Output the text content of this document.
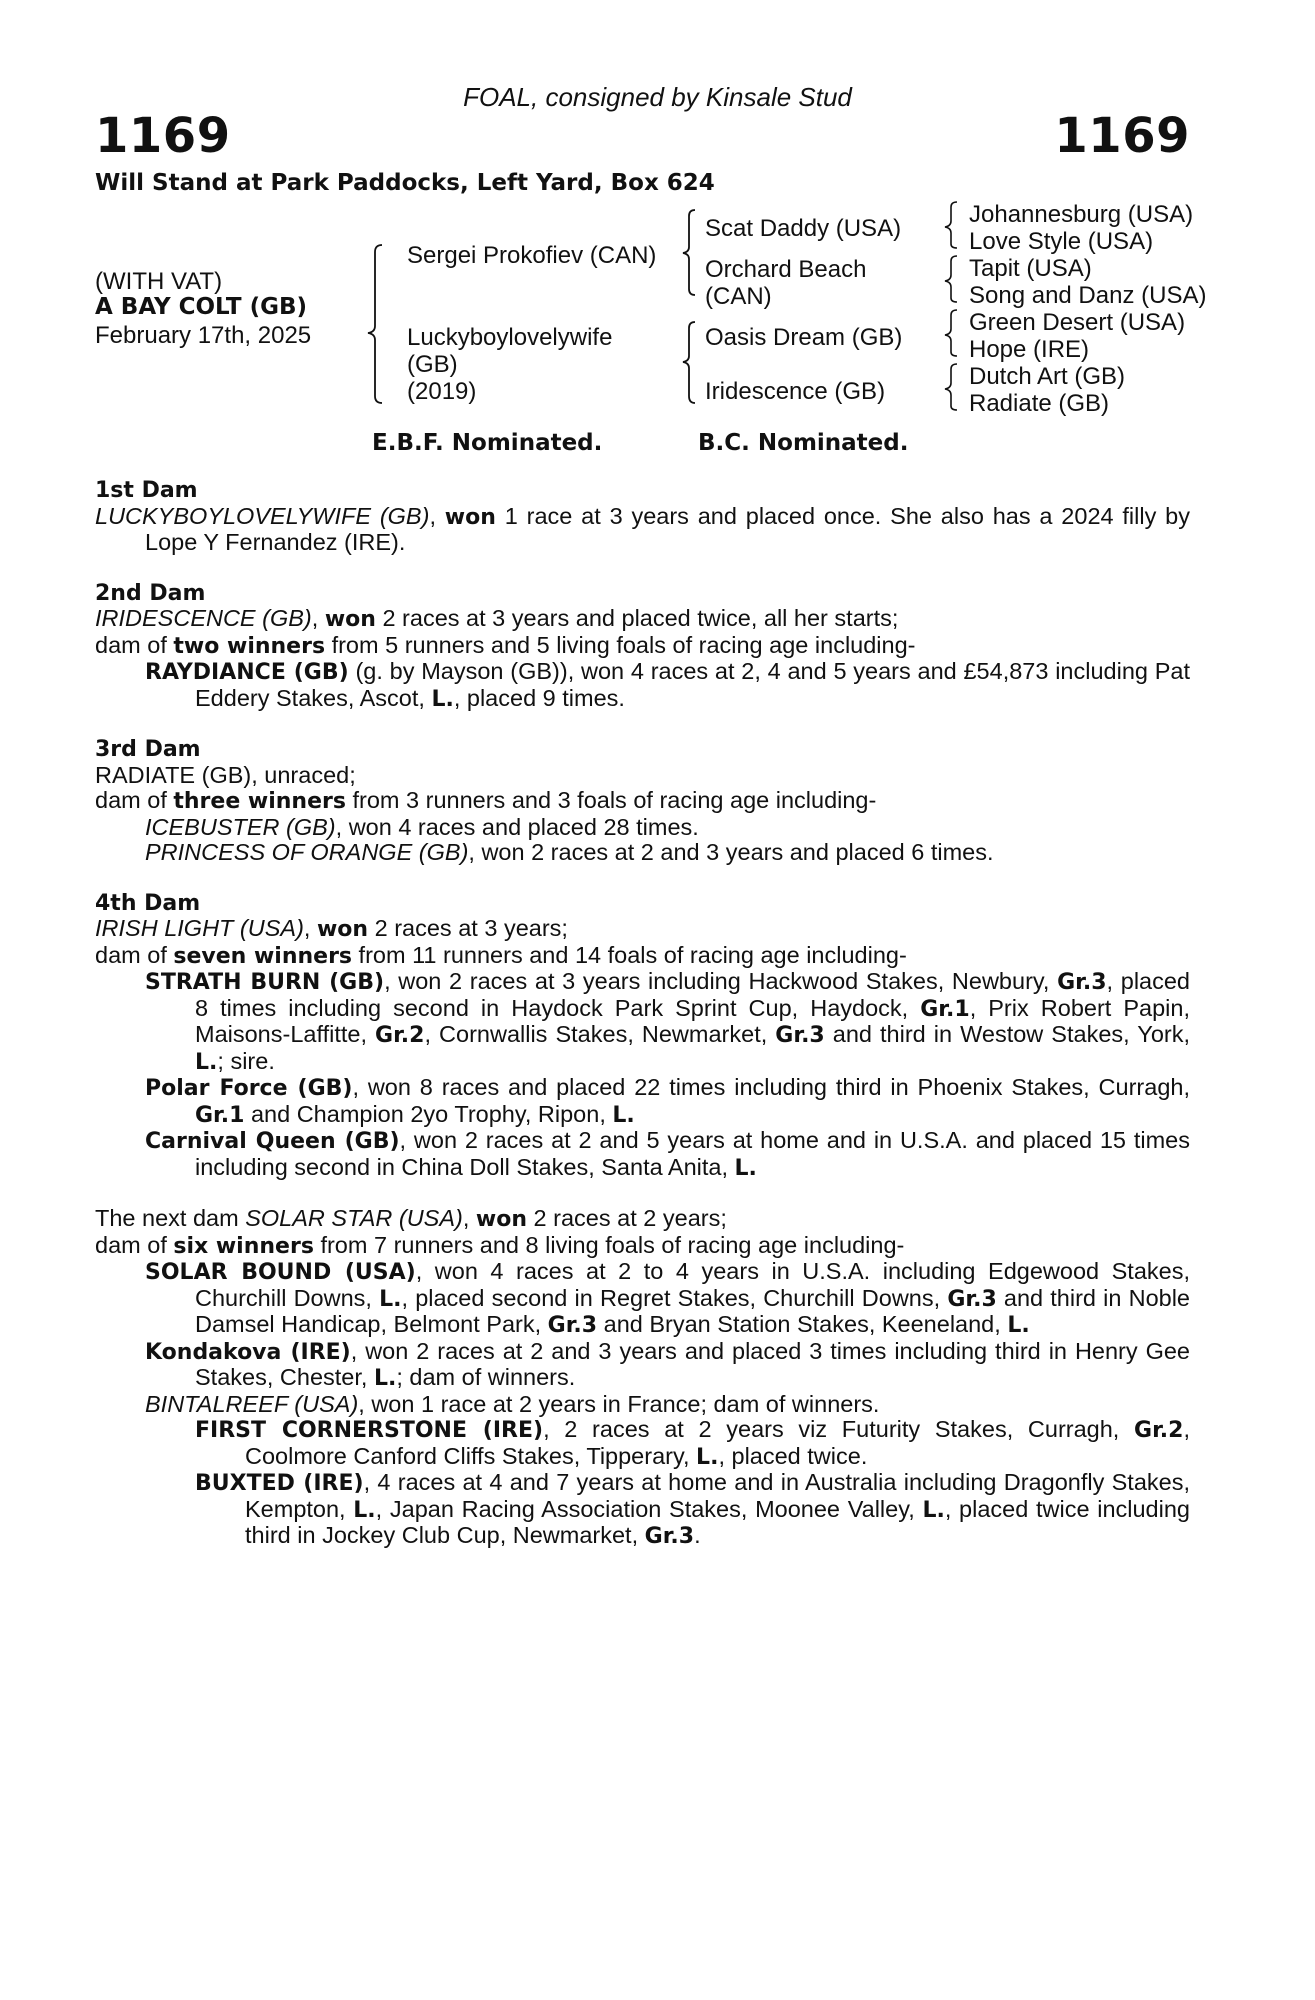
FOAL, consigned by Kinsale Stud
1169	1169
Will Stand at Park Paddocks, Left Yard, Box 624
(WITH VAT)
A BAY COLT (GB)
February 17th, 2025
Sergei Prokofiev (CAN)
Luckyboylovelywife
(GB)
(2019)
Scat Daddy (USA)
Orchard Beach
(CAN)
Oasis Dream (GB)
Iridescence (GB)
Johannesburg (USA)
Love Style (USA)
Tapit (USA)
Song and Danz (USA)
Green Desert (USA)
Hope (IRE)
Dutch Art (GB)
Radiate (GB)
E.B.F. Nominated.	B.C. Nominated.

1st Dam

LUCKYBOYLOVELYWIFE (GB), won 1 race at 3 years and placed once. She also has a 2024 filly by Lope Y Fernandez (IRE).

2nd Dam

IRIDESCENCE (GB), won 2 races at 3 years and placed twice, all her starts;

dam of two winners from 5 runners and 5 living foals of racing age including-

RAYDIANCE (GB) (g. by Mayson (GB)), won 4 races at 2, 4 and 5 years and £54,873 including Pat Eddery Stakes, Ascot, L., placed 9 times.

3rd Dam

RADIATE (GB), unraced;

dam of three winners from 3 runners and 3 foals of racing age including-

ICEBUSTER (GB), won 4 races and placed 28 times.

PRINCESS OF ORANGE (GB), won 2 races at 2 and 3 years and placed 6 times.

4th Dam

IRISH LIGHT (USA), won 2 races at 3 years;

dam of seven winners from 11 runners and 14 foals of racing age including-

STRATH BURN (GB), won 2 races at 3 years including Hackwood Stakes, Newbury, Gr.3, placed 8 times including second in Haydock Park Sprint Cup, Haydock, Gr.1, Prix Robert Papin, Maisons-Laffitte, Gr.2, Cornwallis Stakes, Newmarket, Gr.3 and third in Westow Stakes, York, L.; sire.

Polar Force (GB), won 8 races and placed 22 times including third in Phoenix Stakes, Curragh, Gr.1 and Champion 2yo Trophy, Ripon, L.

Carnival Queen (GB), won 2 races at 2 and 5 years at home and in U.S.A. and placed 15 times including second in China Doll Stakes, Santa Anita, L.

The next dam SOLAR STAR (USA), won 2 races at 2 years;

dam of six winners from 7 runners and 8 living foals of racing age including-

SOLAR BOUND (USA), won 4 races at 2 to 4 years in U.S.A. including Edgewood Stakes, Churchill Downs, L., placed second in Regret Stakes, Churchill Downs, Gr.3 and third in Noble Damsel Handicap, Belmont Park, Gr.3 and Bryan Station Stakes, Keeneland, L.

Kondakova (IRE), won 2 races at 2 and 3 years and placed 3 times including third in Henry Gee Stakes, Chester, L.; dam of winners.

BINTALREEF (USA), won 1 race at 2 years in France; dam of winners.

FIRST CORNERSTONE (IRE), 2 races at 2 years viz Futurity Stakes, Curragh, Gr.2, Coolmore Canford Cliffs Stakes, Tipperary, L., placed twice.

BUXTED (IRE), 4 races at 4 and 7 years at home and in Australia including Dragonfly Stakes, Kempton, L., Japan Racing Association Stakes, Moonee Valley, L., placed twice including third in Jockey Club Cup, Newmarket, Gr.3.
